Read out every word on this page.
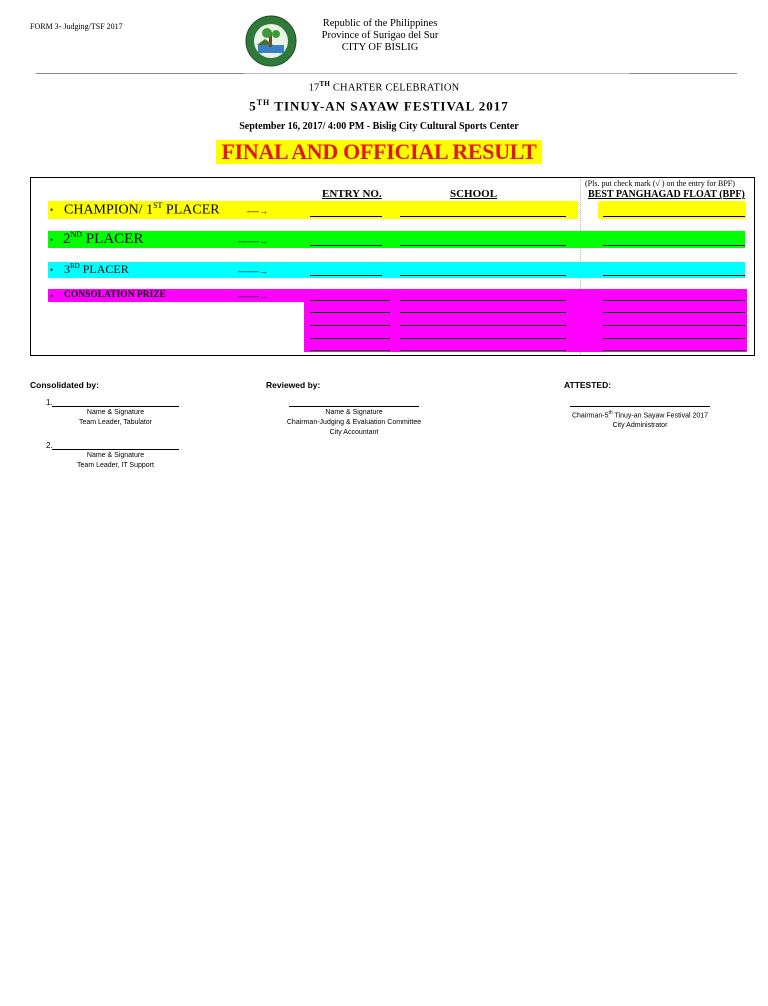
FORM 3- Judging/TSF 2017	Republic of the Philippines
Province of Surigao del Sur
CITY OF BISLIG
17TH CHARTER CELEBRATION
5TH TINUY-AN SAYAW FESTIVAL 2017
September 16, 2017/ 4:00 PM - Bislig City Cultural Sports Center
FINAL AND OFFICIAL RESULT
(Pls. put check mark (√ ) on the entry for BPF)
ENTRY NO.	SCHOOL	BEST PANGHAGAD FLOAT (BPF)
• CHAMPION/ 1ST PLACER	----→
• 2ND PLACER	-------→
• 3RD PLACER	-------→
• CONSOLATION PRIZE	-------→
Consolidated by:	Reviewed by:	ATTESTED:
1.
Name & Signature
Team Leader, Tabulator
2.
Name & Signature
Team Leader, IT Support
Name & Signature
Chairman-Judging & Evaluation Committee
City Accountant
Chairman-5th Tinuy-an Sayaw Festival 2017
City Administrator
